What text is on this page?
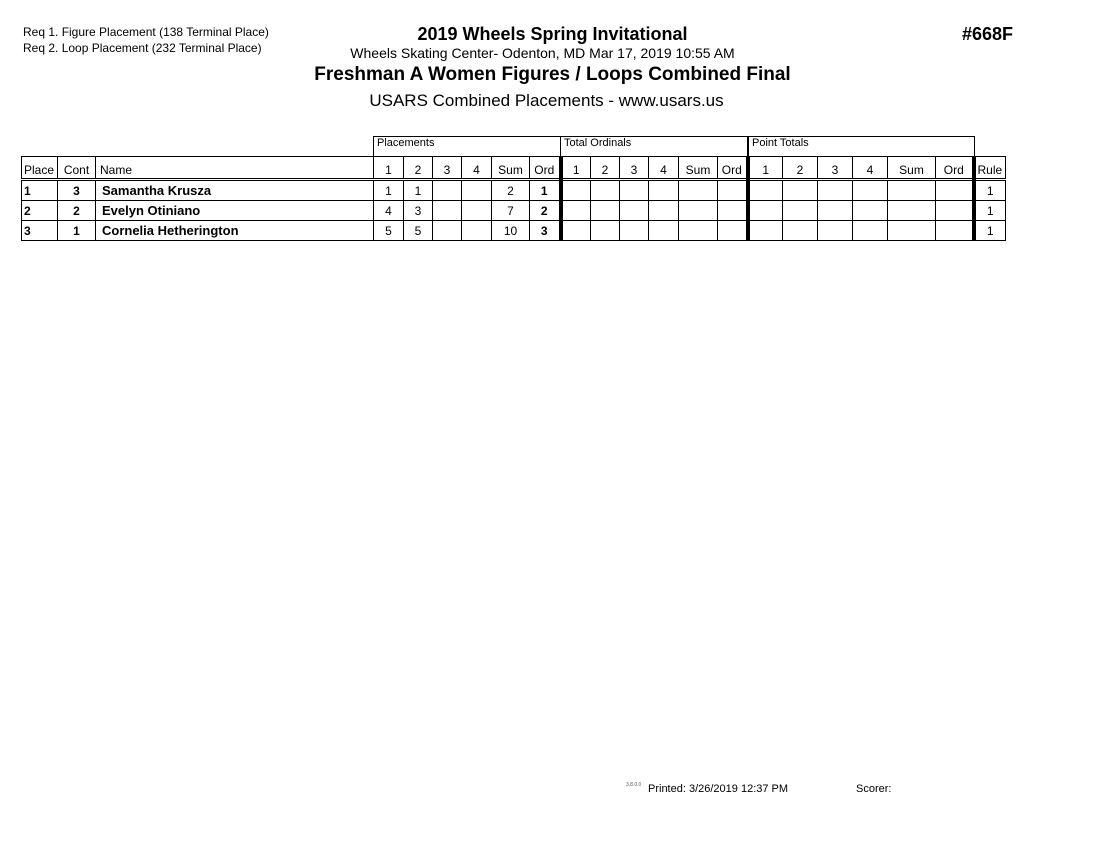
Req 1. Figure Placement (138 Terminal Place)
Req 2. Loop Placement (232 Terminal Place)
2019 Wheels Spring Invitational
Wheels Skating Center- Odenton, MD Mar 17, 2019 10:55 AM
Freshman A Women Figures / Loops Combined Final
USARS Combined Placements - www.usars.us
#668F
Placements	Total Ordinals	Point Totals
Place	Cont	Name	1	2	3	4	Sum	Ord	1	2	3	4	Sum	Ord	1	2	3	4	Sum	Ord	Rule
1	3	Samantha Krusza	1	1			2	1													1
2	2	Evelyn Otiniano	4	3			7	2													1
3	1	Cornelia Hetherington	5	5			10	3													1
3.8.0.0 Printed: 3/26/2019 12:37 PM	Scorer:
